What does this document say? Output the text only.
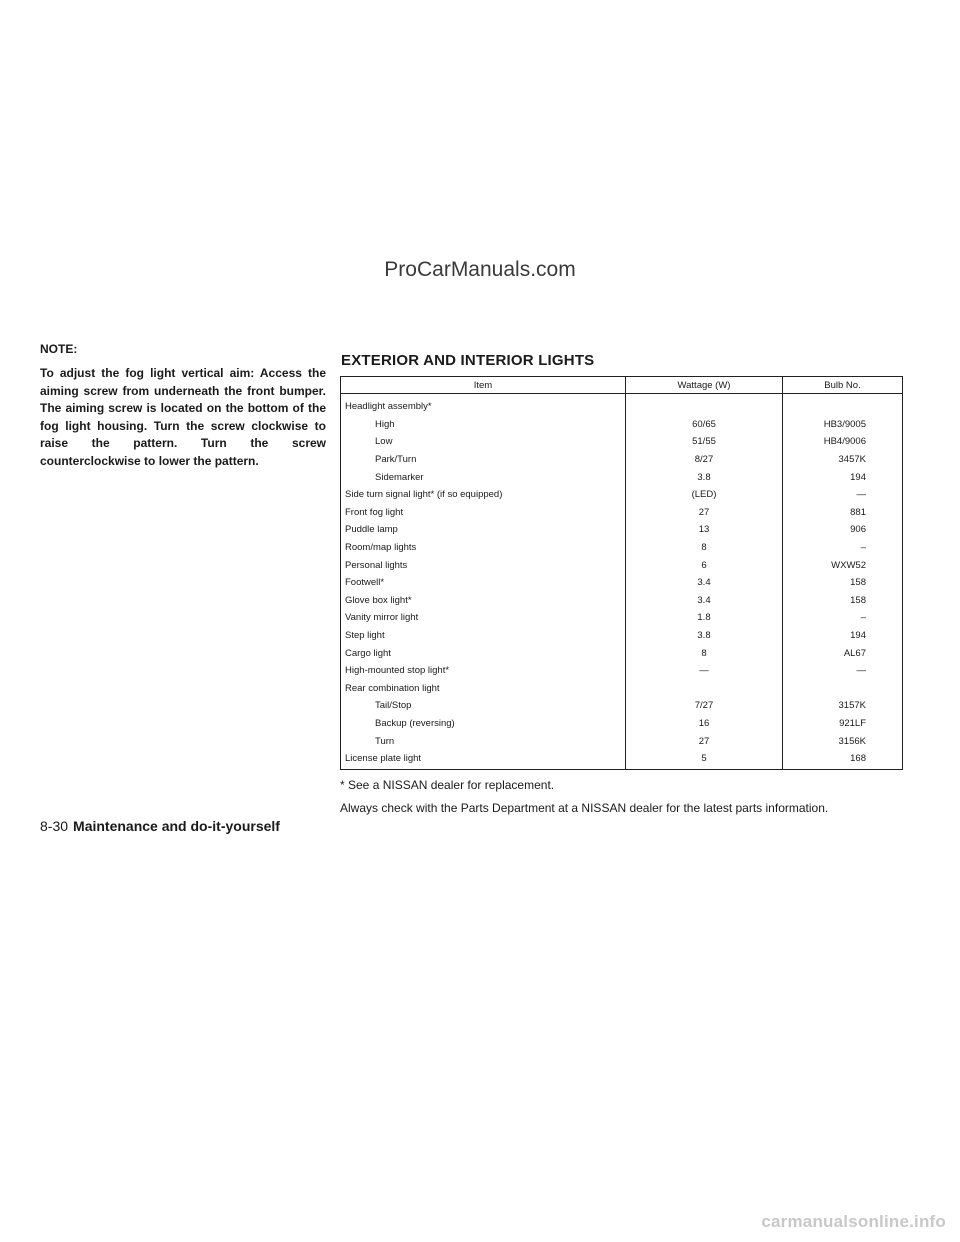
ProCarManuals.com

NOTE:

To adjust the fog light vertical aim: Access the aiming screw from underneath the front bumper. The aiming screw is located on the bottom of the fog light housing. Turn the screw clockwise to raise the pattern. Turn the screw counterclockwise to lower the pattern.

EXTERIOR AND INTERIOR LIGHTS
Item	Wattage (W)	Bulb No.
Headlight assembly*		
High	60/65	HB3/9005
Low	51/55	HB4/9006
Park/Turn	8/27	3457K
Sidemarker	3.8	194
Side turn signal light* (if so equipped)	(LED)	—
Front fog light	27	881
Puddle lamp	13	906
Room/map lights	8	–
Personal lights	6	WXW52
Footwell*	3.4	158
Glove box light*	3.4	158
Vanity mirror light	1.8	–
Step light	3.8	194
Cargo light	8	AL67
High-mounted stop light*	—	—
Rear combination light		
Tail/Stop	7/27	3157K
Backup (reversing)	16	921LF
Turn	27	3156K
License plate light	5	168

* See a NISSAN dealer for replacement.

Always check with the Parts Department at a NISSAN dealer for the latest parts information.

8-30 Maintenance and do-it-yourself
carmanualsonline.info
